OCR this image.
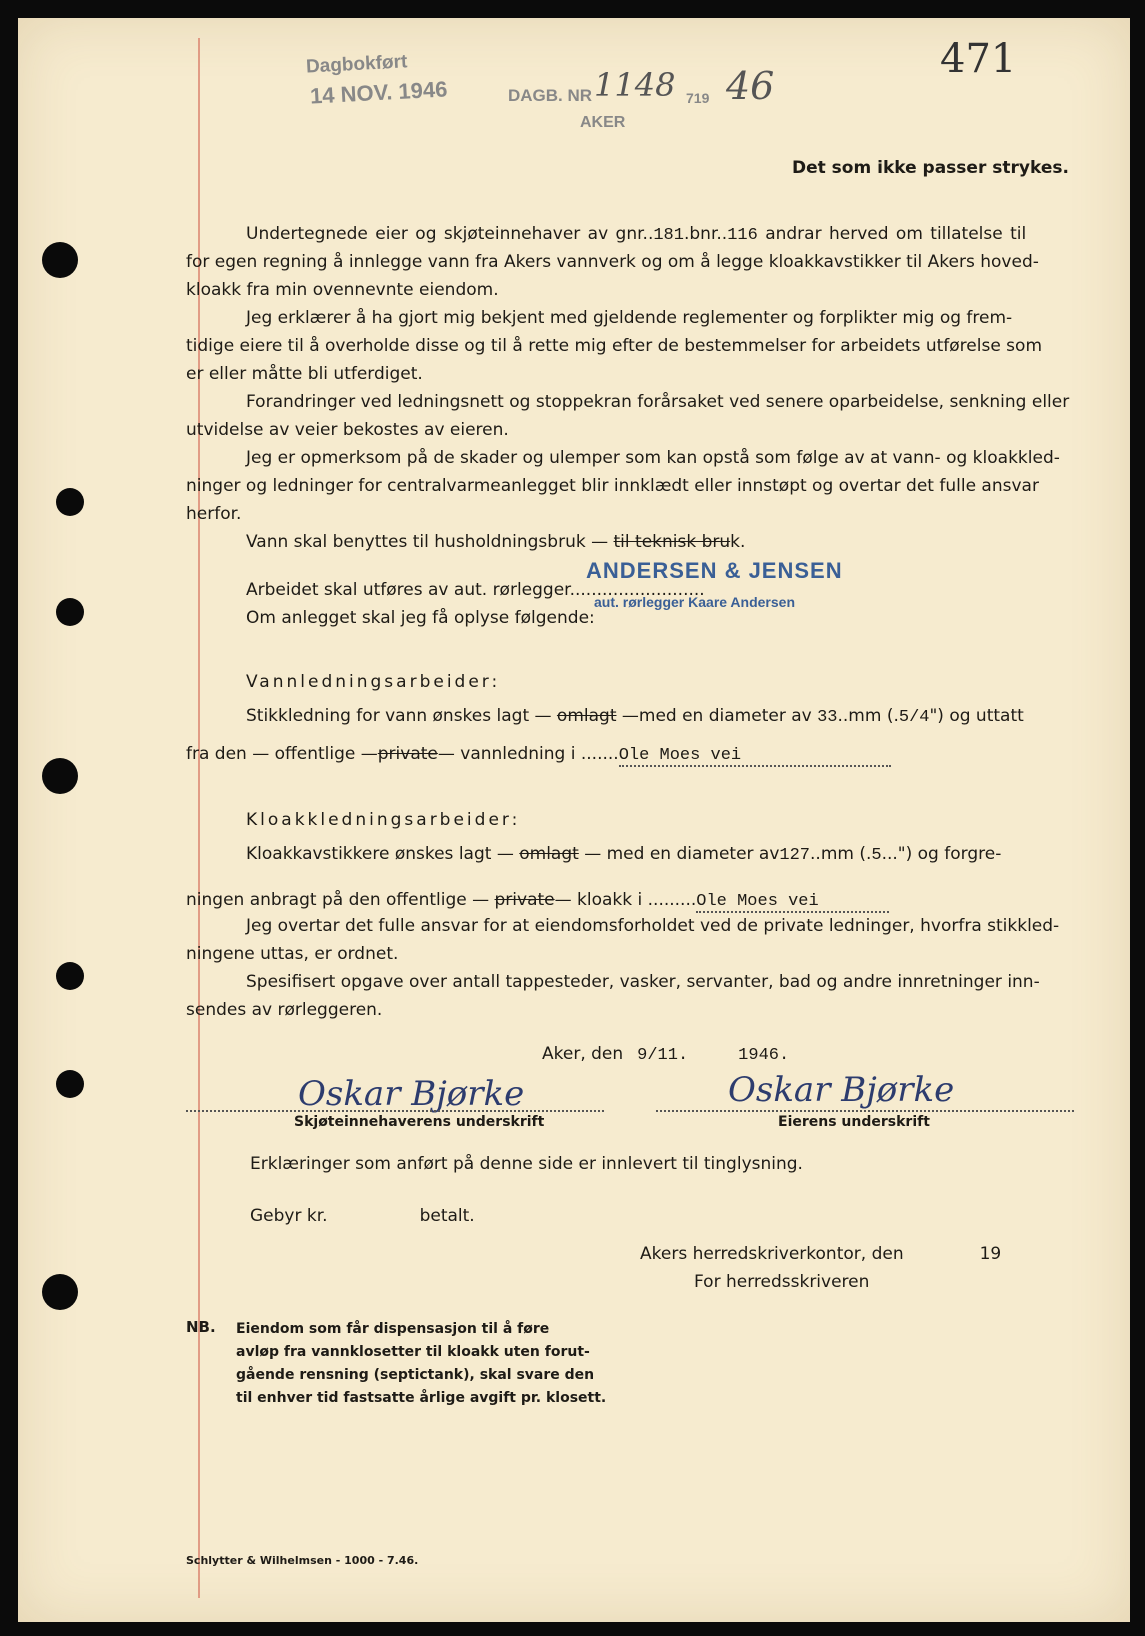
Dagbokført
14 NOV. 1946	DAGB. NR 1148 719 46
AKER
471
Det som ikke passer strykes.
Undertegnede eier og skjøteinnehaver av gnr..181.bnr..116 andrar herved om tillatelse til
for egen regning å innlegge vann fra Akers vannverk og om å legge kloakkavstikker til Akers hoved-
kloakk fra min ovennevnte eiendom.
Jeg erklærer å ha gjort mig bekjent med gjeldende reglementer og forplikter mig og frem-
tidige eiere til å overholde disse og til å rette mig efter de bestemmelser for arbeidets utførelse som
er eller måtte bli utferdiget.
Forandringer ved ledningsnett og stoppekran forårsaket ved senere oparbeidelse, senkning eller
utvidelse av veier bekostes av eieren.
Jeg er opmerksom på de skader og ulemper som kan opstå som følge av at vann- og kloakkled-
ninger og ledninger for centralvarmeanlegget blir innklædt eller innstøpt og overtar det fulle ansvar
herfor.
Vann skal benyttes til husholdningsbruk — til teknisk bruk.
Arbeidet skal utføres av aut. rørlegger.........................
ANDERSEN & JENSEN
aut. rørlegger Kaare Andersen
Om anlegget skal jeg få oplyse følgende:
Vannledningsarbeider:
Stikkledning for vann ønskes lagt — omlagt —med en diameter av 33..mm (.5/4") og uttatt
fra den — offentlige —private— vannledning i .......Ole Moes vei
Kloakkledningsarbeider:
Kloakkavstikkere ønskes lagt — omlagt — med en diameter av127..mm (.5...") og forgre-
ningen anbragt på den offentlige — private— kloakk i .........Ole Moes vei
Jeg overtar det fulle ansvar for at eiendomsforholdet ved de private ledninger, hvorfra stikkled-
ningene uttas, er ordnet.
Spesifisert opgave over antall tappesteder, vasker, servanter, bad og andre innretninger inn-
sendes av rørleggeren.
Aker, den 9/11.	1946.
Oskar Bjørke	Oskar Bjørke
Skjøteinnehaverens underskrift	Eierens underskrift
Erklæringer som anført på denne side er innlevert til tinglysning.
Gebyr kr.	betalt.
Akers herredskriverkontor, den	19
For herredsskriveren
NB. Eiendom som får dispensasjon til å føre
avløp fra vannklosetter til kloakk uten forut-
gående rensning (septictank), skal svare den
til enhver tid fastsatte årlige avgift pr. klosett.
Schlytter & Wilhelmsen - 1000 - 7.46.
